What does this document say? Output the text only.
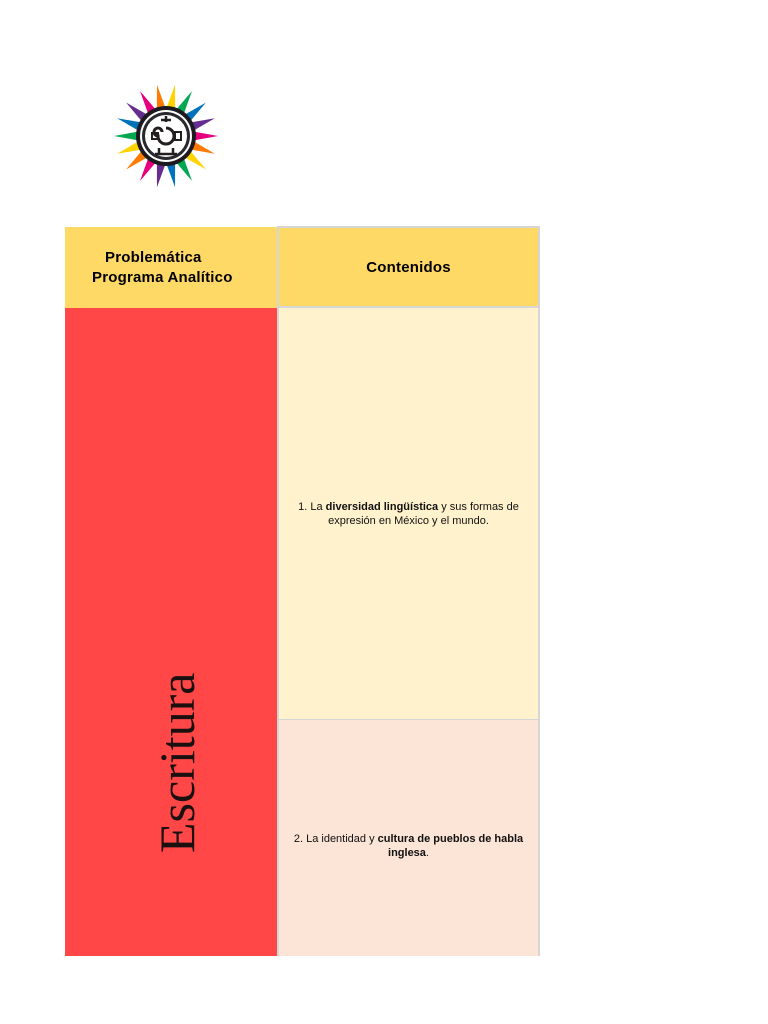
Problemática
Programa Analítico
Contenidos
Escritura
1. La diversidad lingüística y sus formas de expresión en México y el mundo.
2. La identidad y cultura de pueblos de habla inglesa.
